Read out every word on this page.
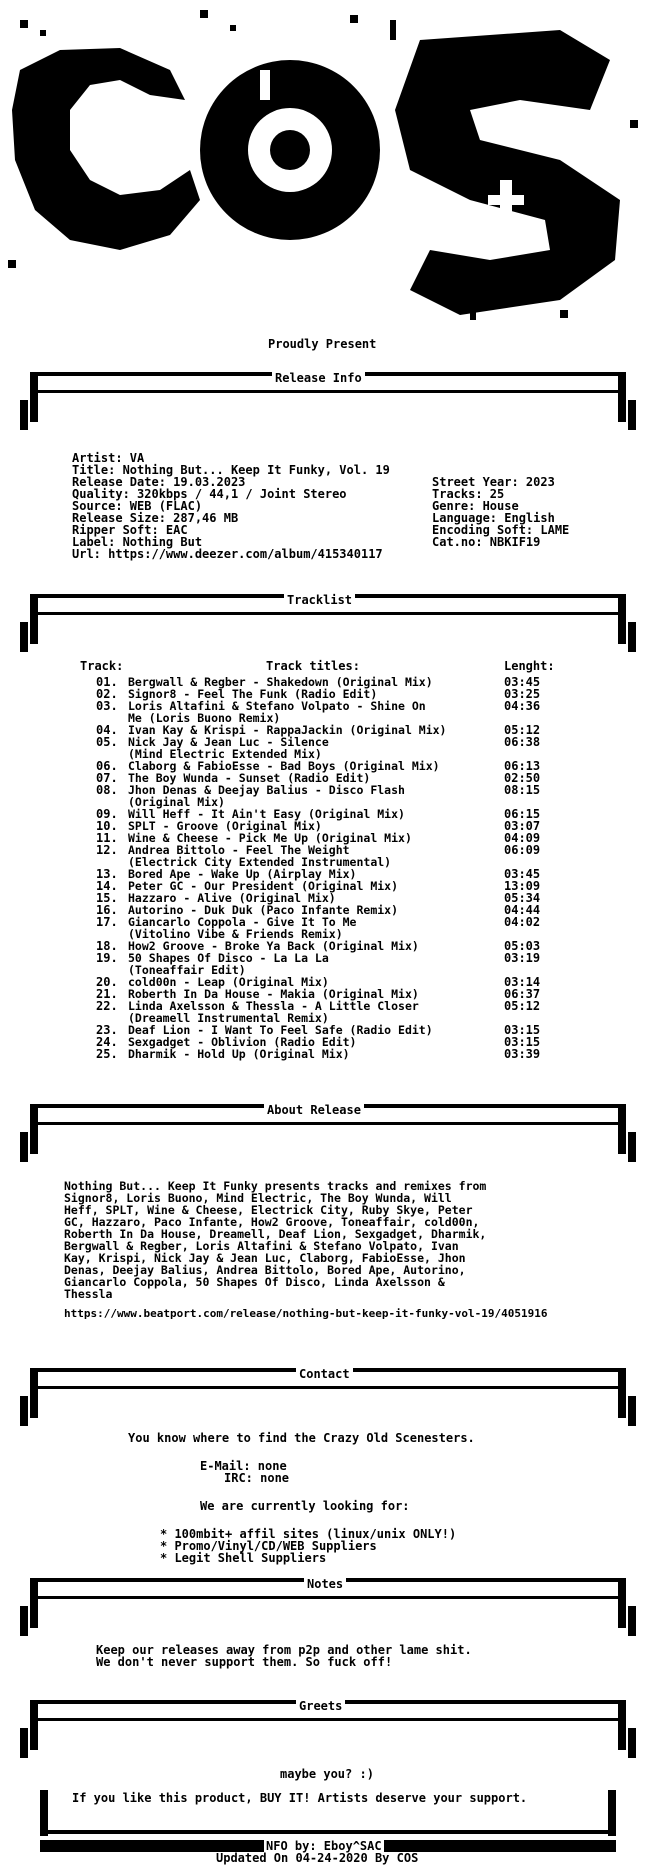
Proudly Present
Release Info
Artist: VA
Title: Nothing But... Keep It Funky, Vol. 19
Release Date: 19.03.2023	Street Year: 2023
Quality: 320kbps / 44,1 / Joint Stereo	Tracks: 25
Source: WEB (FLAC)	Genre: House
Release Size: 287,46 MB	Language: English
Ripper Soft: EAC	Encoding Soft: LAME
Label: Nothing But	Cat.no: NBKIF19
Url: https://www.deezer.com/album/415340117
Tracklist
Track:	Track titles:	Lenght:
01. Bergwall & Regber - Shakedown (Original Mix)	03:45
02. Signor8 - Feel The Funk (Radio Edit)	03:25
03. Loris Altafini & Stefano Volpato - Shine On	04:36
Me (Loris Buono Remix)
04. Ivan Kay & Krispi - RappaJackin (Original Mix)	05:12
05. Nick Jay & Jean Luc - Silence	06:38
(Mind Electric Extended Mix)
06. Claborg & FabioEsse - Bad Boys (Original Mix)	06:13
07. The Boy Wunda - Sunset (Radio Edit)	02:50
08. Jhon Denas & Deejay Balius - Disco Flash	08:15
(Original Mix)
09. Will Heff - It Ain't Easy (Original Mix)	06:15
10. SPLT - Groove (Original Mix)	03:07
11. Wine & Cheese - Pick Me Up (Original Mix)	04:09
12. Andrea Bittolo - Feel The Weight	06:09
(Electrick City Extended Instrumental)
13. Bored Ape - Wake Up (Airplay Mix)	03:45
14. Peter GC - Our President (Original Mix)	13:09
15. Hazzaro - Alive (Original Mix)	05:34
16. Autorino - Duk Duk (Paco Infante Remix)	04:44
17. Giancarlo Coppola - Give It To Me	04:02
(Vitolino Vibe & Friends Remix)
18. How2 Groove - Broke Ya Back (Original Mix)	05:03
19. 50 Shapes Of Disco - La La La	03:19
(Toneaffair Edit)
20. cold00n - Leap (Original Mix)	03:14
21. Roberth In Da House - Makia (Original Mix)	06:37
22. Linda Axelsson & Thessla - A Little Closer	05:12
(Dreamell Instrumental Remix)
23. Deaf Lion - I Want To Feel Safe (Radio Edit)	03:15
24. Sexgadget - Oblivion (Radio Edit)	03:15
25. Dharmik - Hold Up (Original Mix)	03:39
About Release
Nothing But... Keep It Funky presents tracks and remixes from
Signor8, Loris Buono, Mind Electric, The Boy Wunda, Will
Heff, SPLT, Wine & Cheese, Electrick City, Ruby Skye, Peter
GC, Hazzaro, Paco Infante, How2 Groove, Toneaffair, cold00n,
Roberth In Da House, Dreamell, Deaf Lion, Sexgadget, Dharmik,
Bergwall & Regber, Loris Altafini & Stefano Volpato, Ivan
Kay, Krispi, Nick Jay & Jean Luc, Claborg, FabioEsse, Jhon
Denas, Deejay Balius, Andrea Bittolo, Bored Ape, Autorino,
Giancarlo Coppola, 50 Shapes Of Disco, Linda Axelsson &
Thessla
https://www.beatport.com/release/nothing-but-keep-it-funky-vol-19/4051916
Contact
You know where to find the Crazy Old Scenesters.
E-Mail: none
IRC: none
We are currently looking for:
* 100mbit+ affil sites (linux/unix ONLY!)
* Promo/Vinyl/CD/WEB Suppliers
* Legit Shell Suppliers
Notes
Keep our releases away from p2p and other lame shit.
We don't never support them. So fuck off!
Greets
maybe you? :)
If you like this product, BUY IT! Artists deserve your support.
NFO by: Eboy^SAC
Updated On 04-24-2020 By COS
